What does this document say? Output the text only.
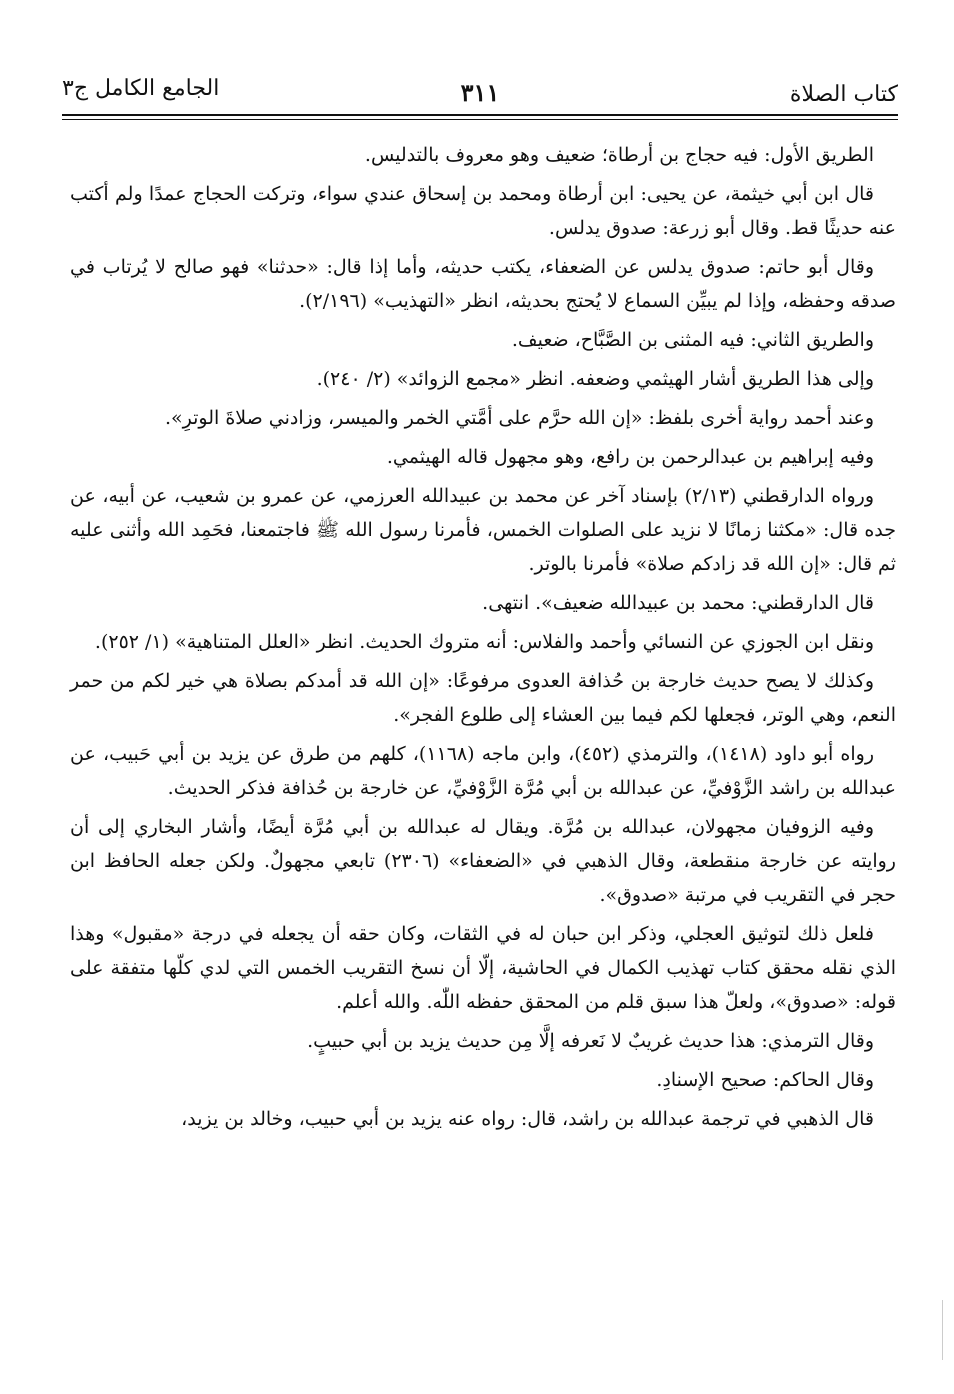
كتاب الصلاة
٣١١
الجامع الكامل ج٣

الطريق الأول: فيه حجاج بن أرطاة؛ ضعيف وهو معروف بالتدليس.

قال ابن أبي خيثمة، عن يحيى: ابن أرطاة ومحمد بن إسحاق عندي سواء، وتركت الحجاج عمدًا ولم أكتب عنه حديثًا قط. وقال أبو زرعة: صدوق يدلس.

وقال أبو حاتم: صدوق يدلس عن الضعفاء، يكتب حديثه، وأما إذا قال: «حدثنا» فهو صالح لا يُرتاب في صدقه وحفظه، وإذا لم يبيِّن السماع لا يُحتج بحديثه، انظر «التهذيب» (٢/١٩٦).

والطريق الثاني: فيه المثنى بن الصَّبَّاح، ضعيف.

وإلى هذا الطريق أشار الهيثمي وضعفه. انظر «مجمع الزوائد» (٢/ ٢٤٠).

وعند أحمد رواية أخرى بلفظ: «إن الله حرَّم على أمَّتي الخمر والميسر، وزادني صلاةَ الوترِ».

وفيه إبراهيم بن عبدالرحمن بن رافع، وهو مجهول قاله الهيثمي.

ورواه الدارقطني (٢/١٣) بإسناد آخر عن محمد بن عبيدالله العرزمي، عن عمرو بن شعيب، عن أبيه، عن جده قال: «مكثنا زمانًا لا نزيد على الصلوات الخمس، فأمرنا رسول الله ﷺ فاجتمعنا، فحَمِد الله وأثنى عليه ثم قال: «إن الله قد زادكم صلاة» فأمرنا بالوتر.

قال الدارقطني: محمد بن عبيدالله ضعيف». انتهى.

ونقل ابن الجوزي عن النسائي وأحمد والفلاس: أنه متروك الحديث. انظر «العلل المتناهية» (١/ ٢٥٢).

وكذلك لا يصح حديث خارجة بن حُذافة العدوى مرفوعًا: «إن الله قد أمدكم بصلاة هي خير لكم من حمر النعم، وهي الوتر، فجعلها لكم فيما بين العشاء إلى طلوع الفجر».

رواه أبو داود (١٤١٨)، والترمذي (٤٥٢)، وابن ماجه (١١٦٨)، كلهم من طرق عن يزيد بن أبي حَبيب، عن عبدالله بن راشد الزَّوْفيِّ، عن عبدالله بن أبي مُرَّة الزَّوْفيِّ، عن خارجة بن حُذافة فذكر الحديث.

وفيه الزوفيان مجهولان، عبدالله بن مُرَّة. ويقال له عبدالله بن أبي مُرَّة أيضًا، وأشار البخاري إلى أن روايته عن خارجة منقطعة، وقال الذهبي في «الضعفاء» (٢٣٠٦) تابعي مجهولٌ. ولكن جعله الحافظ ابن حجر في التقريب في مرتبة «صدوق».

فلعل ذلك لتوثيق العجلي، وذكر ابن حبان له في الثقات، وكان حقه أن يجعله في درجة «مقبول» وهذا الذي نقله محقق كتاب تهذيب الكمال في الحاشية، إلّا أن نسخ التقريب الخمس التي لدي كلّها متفقة على قوله: «صدوق»، ولعلّ هذا سبق قلم من المحقق حفظه اللّٰه. والله أعلم.

وقال الترمذي: هذا حديث غريبٌ لا نَعرفه إلَّا مِن حديث يزيد بن أبي حبيبٍ.

وقال الحاكم: صحيح الإسنادِ.

قال الذهبي في ترجمة عبدالله بن راشد، قال: رواه عنه يزيد بن أبي حبيب، وخالد بن يزيد،
